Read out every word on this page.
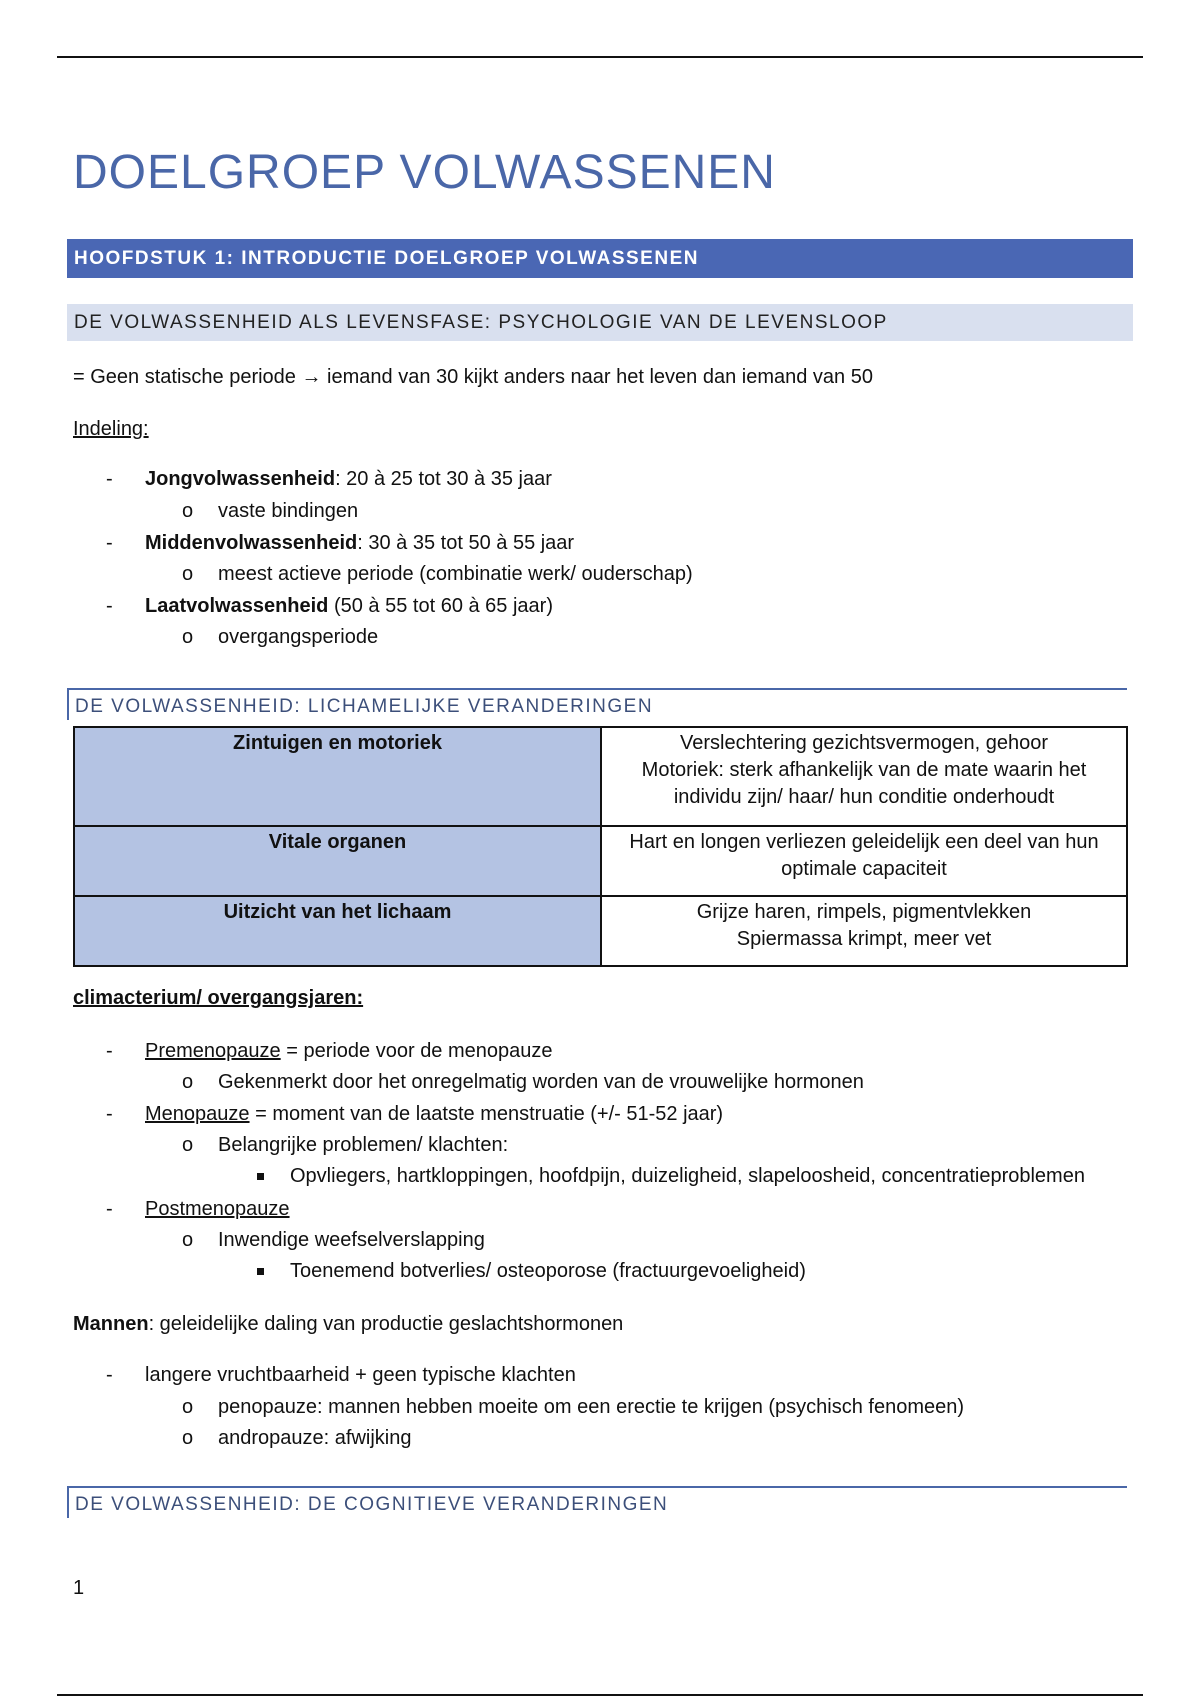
DOELGROEP VOLWASSENEN
HOOFDSTUK 1: INTRODUCTIE DOELGROEP VOLWASSENEN
DE VOLWASSENHEID ALS LEVENSFASE: PSYCHOLOGIE VAN DE LEVENSLOOP
= Geen statische periode → iemand van 30 kijkt anders naar het leven dan iemand van 50
Indeling:
- Jongvolwassenheid: 20 à 25 tot 30 à 35 jaar
o vaste bindingen
- Middenvolwassenheid: 30 à 35 tot 50 à 55 jaar
o meest actieve periode (combinatie werk/ ouderschap)
- Laatvolwassenheid (50 à 55 tot 60 à 65 jaar)
o overgangsperiode
DE VOLWASSENHEID: LICHAMELIJKE VERANDERINGEN
Zintuigen en motoriek	Verslechtering gezichtsvermogen, gehoor
Motoriek: sterk afhankelijk van de mate waarin het
individu zijn/ haar/ hun conditie onderhoudt

Vitale organen	Hart en longen verliezen geleidelijk een deel van hun
optimale capaciteit

Uitzicht van het lichaam	Grijze haren, rimpels, pigmentvlekken
Spiermassa krimpt, meer vet
climacterium/ overgangsjaren:
- Premenopauze = periode voor de menopauze
o Gekenmerkt door het onregelmatig worden van de vrouwelijke hormonen
- Menopauze = moment van de laatste menstruatie (+/- 51-52 jaar)
o Belangrijke problemen/ klachten:
Opvliegers, hartkloppingen, hoofdpijn, duizeligheid, slapeloosheid, concentratieproblemen
- Postmenopauze
o Inwendige weefselverslapping
Toenemend botverlies/ osteoporose (fractuurgevoeligheid)
Mannen: geleidelijke daling van productie geslachtshormonen
- langere vruchtbaarheid + geen typische klachten
o penopauze: mannen hebben moeite om een erectie te krijgen (psychisch fenomeen)
o andropauze: afwijking
DE VOLWASSENHEID: DE COGNITIEVE VERANDERINGEN
1
